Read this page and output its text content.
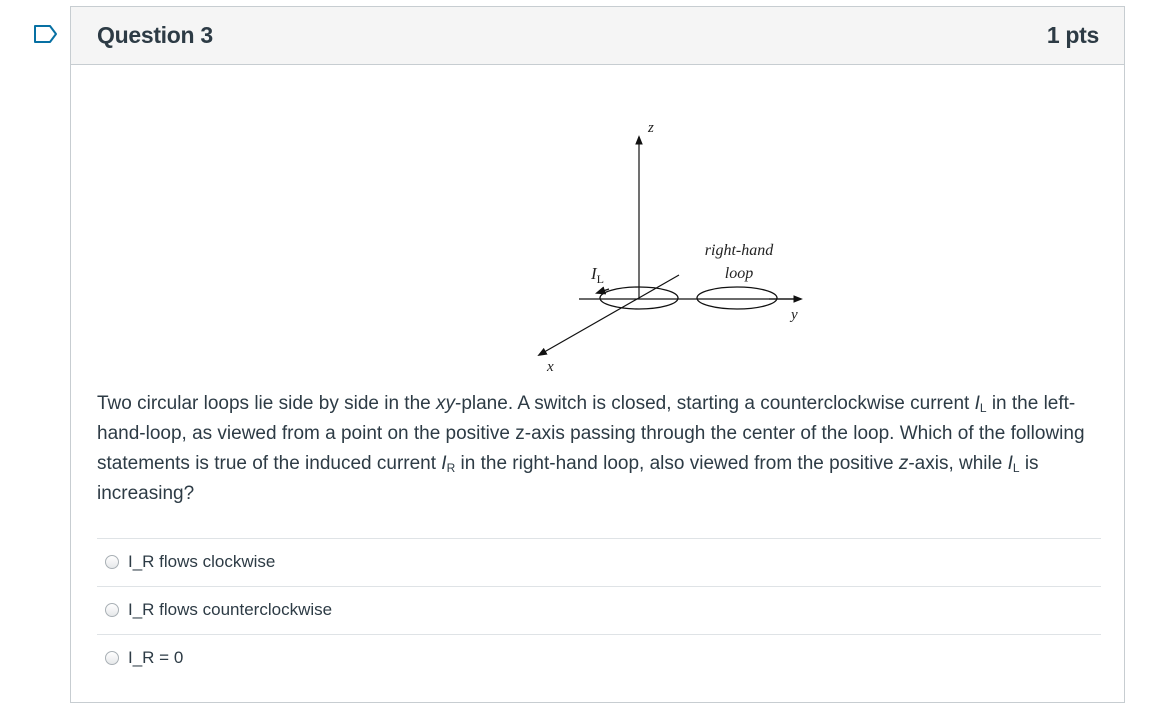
Question 3	1 pts
z
y
x
$I_L$
right-hand
loop
Two circular loops lie side by side in the xy-plane. A switch is closed, starting a counterclockwise current $I_L$ in the left-hand-loop, as viewed from a point on the positive z-axis passing through the center of the loop. Which of the following statements is true of the induced current $I_R$ in the right-hand loop, also viewed from the positive z-axis, while $I_L$ is increasing?
I_R flows clockwise
I_R flows counterclockwise
I_R = 0
